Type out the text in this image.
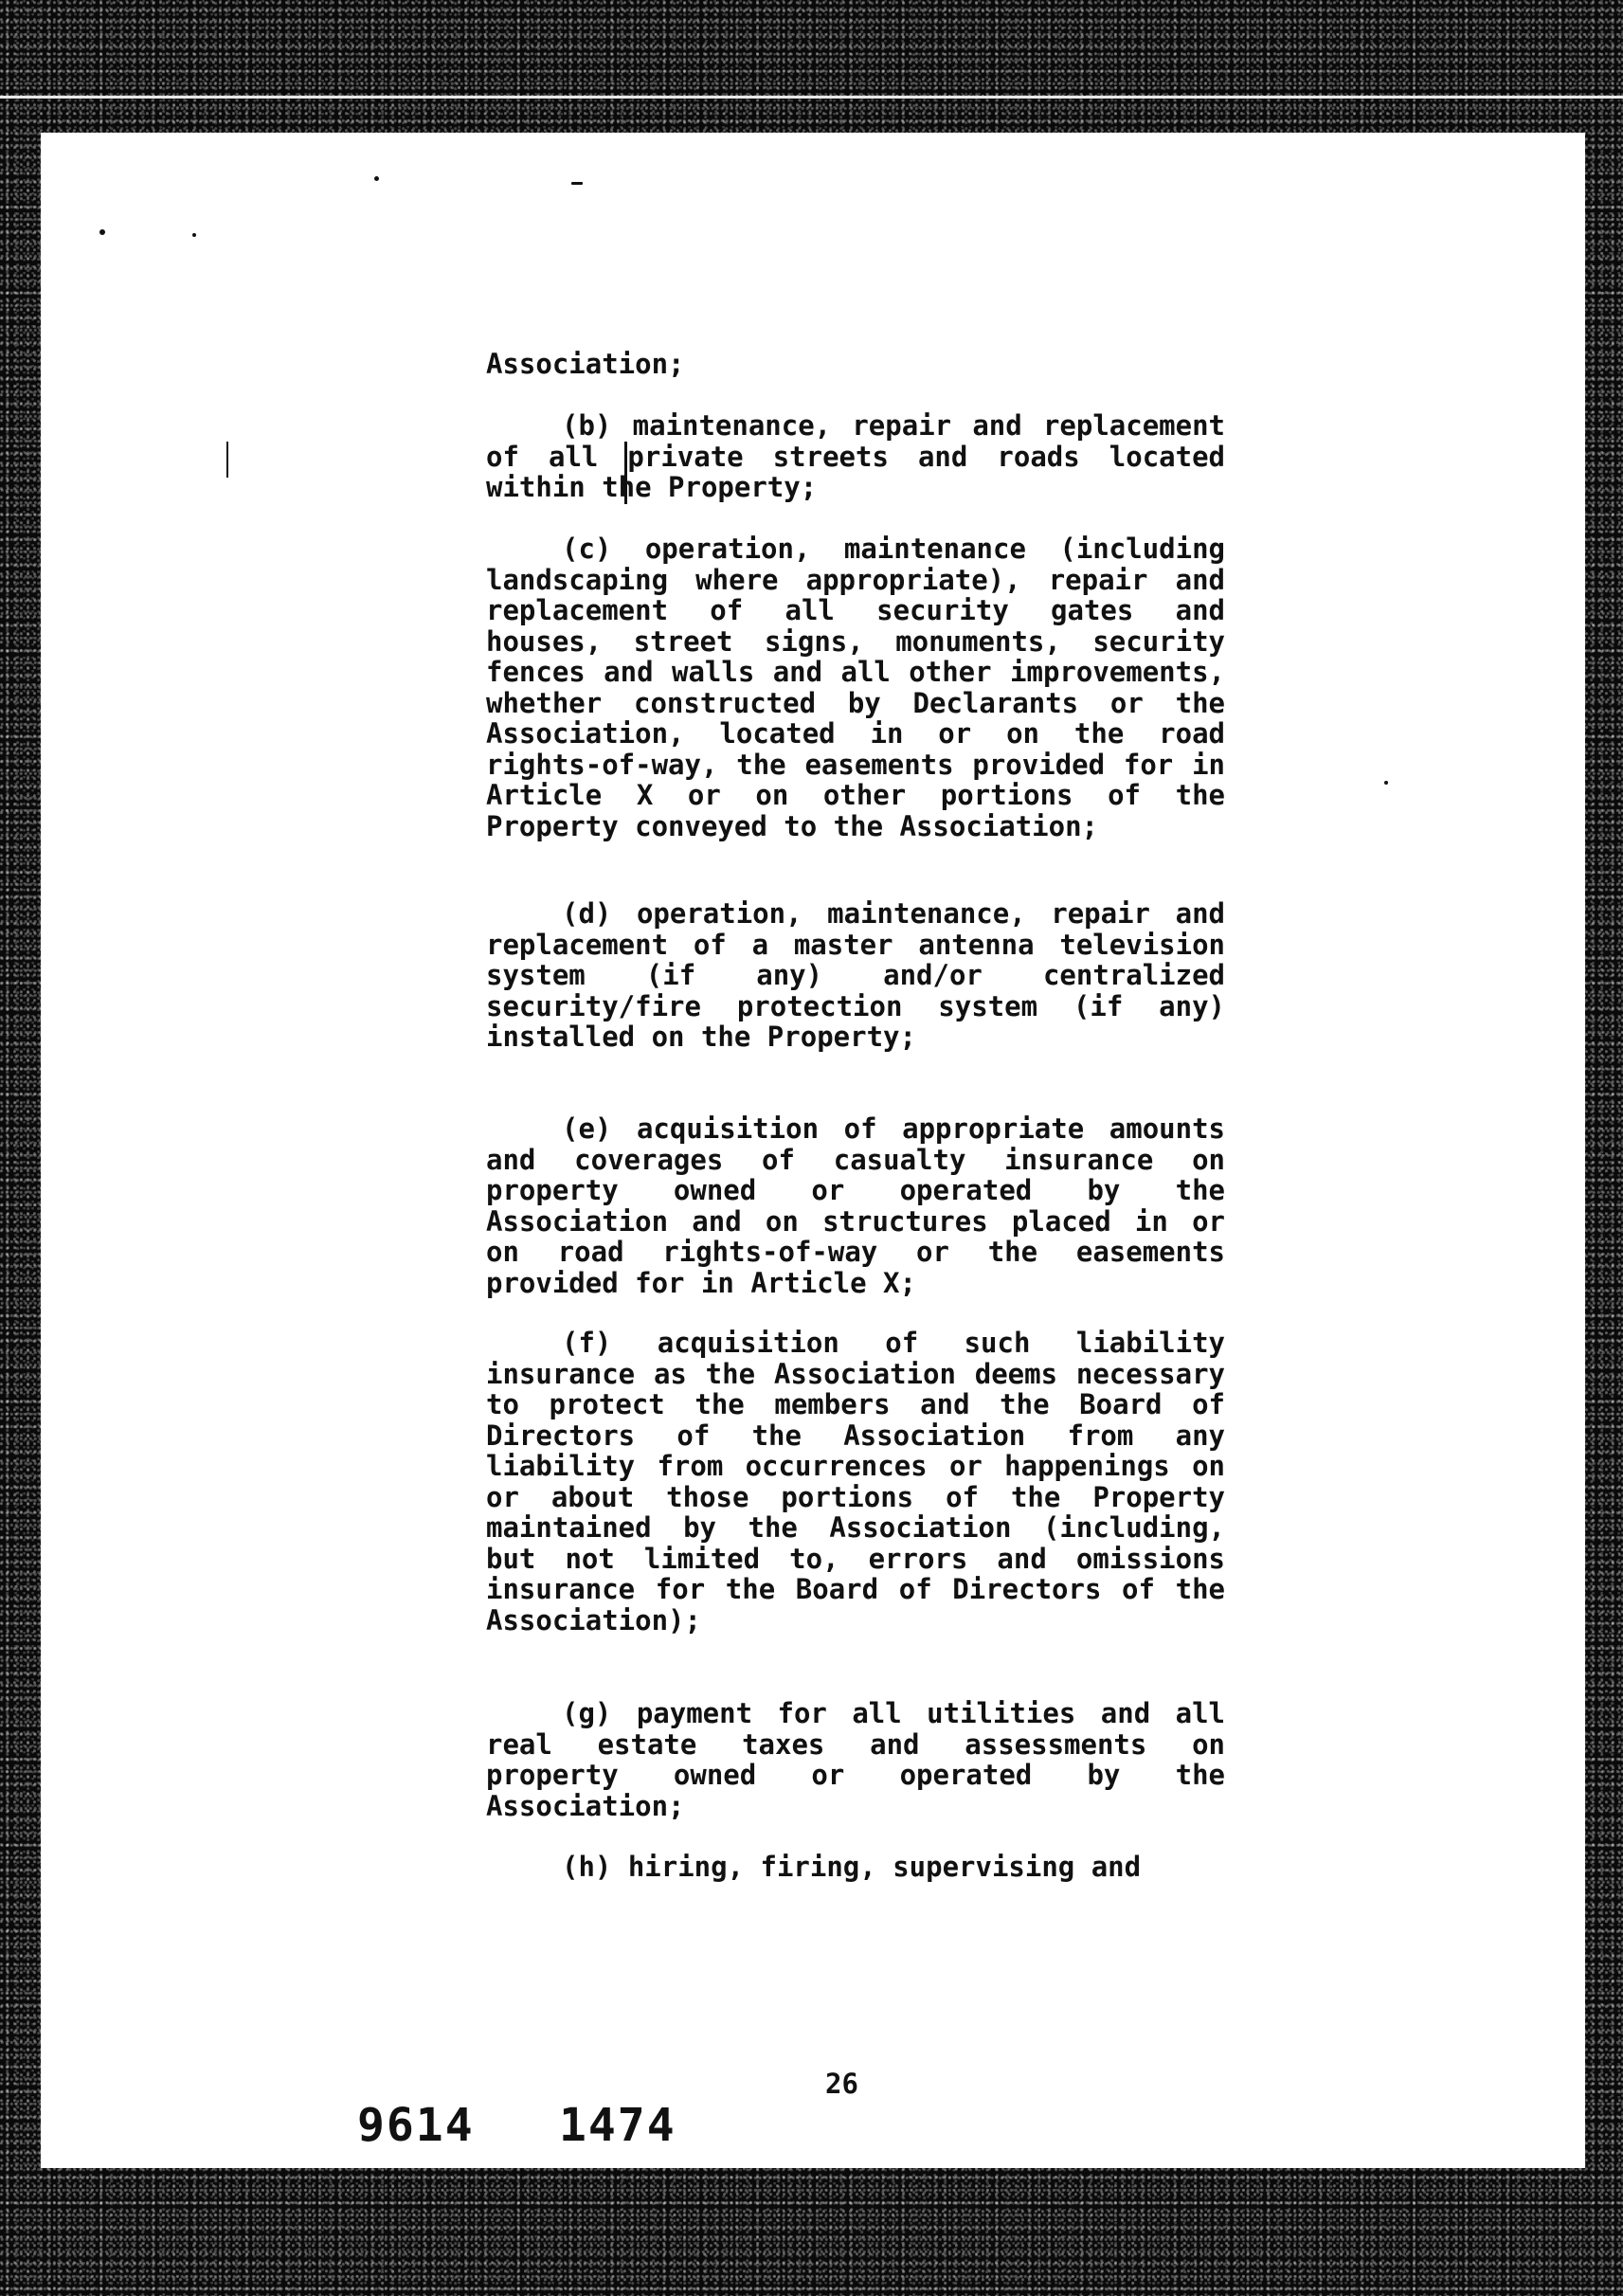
Association;

(b) maintenance, repair and replacement of all private streets and roads located within the Property;

(c) operation, maintenance (including landscaping where appropriate), repair and replacement of all security gates and houses, street signs, monuments, security fences and walls and all other improvements, whether constructed by Declarants or the Association, located in or on the road rights-of-way, the easements provided for in Article X or on other portions of the Property conveyed to the Association;

(d) operation, maintenance, repair and replacement of a master antenna television system (if any) and/or centralized security/fire protection system (if any) installed on the Property;

(e) acquisition of appropriate amounts and coverages of casualty insurance on property owned or operated by the Association and on structures placed in or on road rights-of-way or the easements provided for in Article X;

(f) acquisition of such liability insurance as the Association deems necessary to protect the members and the Board of Directors of the Association from any liability from occurrences or happenings on or about those portions of the Property maintained by the Association (including, but not limited to, errors and omissions insurance for the Board of Directors of the Association);

(g) payment for all utilities and all real estate taxes and assessments on property owned or operated by the Association;

(h) hiring, firing, supervising and

26
9614 1474
